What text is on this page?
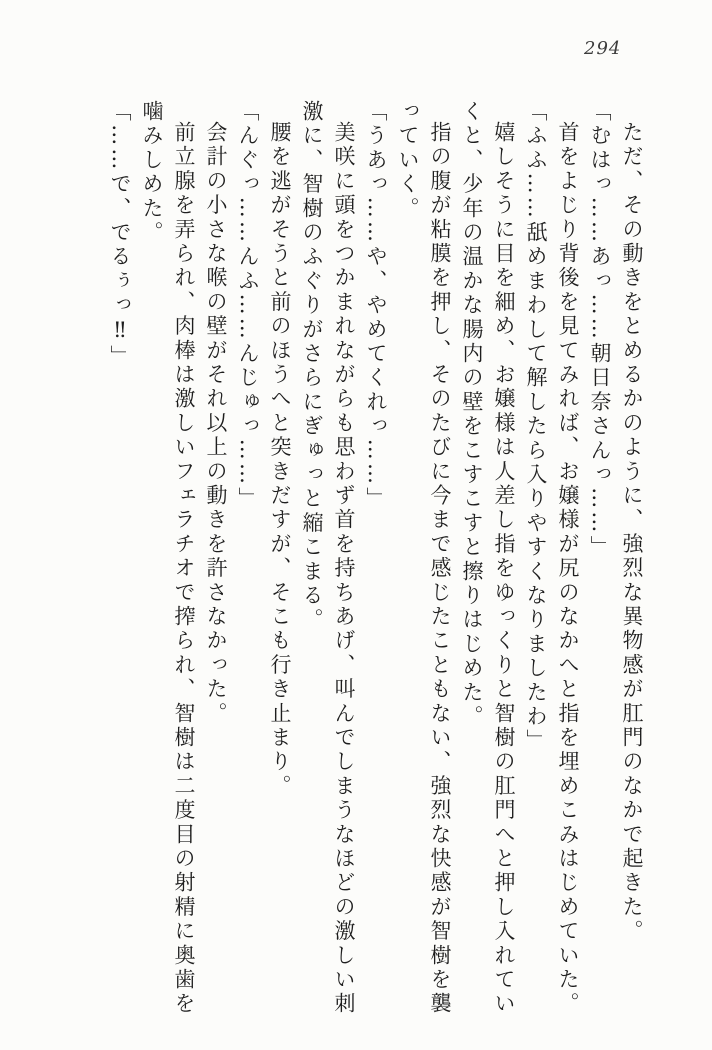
294

ただ、その動きをとめるかのように、強烈な異物感が肛門のなかで起きた。

「むはっ……あっ……朝日奈さんっ……」

首をよじり背後を見てみれば、お嬢様が尻のなかへと指を埋めこみはじめていた。

「ふふ……舐めまわして解したら入りやすくなりましたわ」

嬉しそうに目を細め、お嬢様は人差し指をゆっくりと智樹の肛門へと押し入れてい

くと、少年の温かな腸内の壁をこすこすと擦りはじめた。

指の腹が粘膜を押し、そのたびに今まで感じたこともない、強烈な快感が智樹を襲

っていく。

「うあっ……や、やめてくれっ……」

美咲に頭をつかまれながらも思わず首を持ちあげ、叫んでしまうなほどの激しい刺

激に、智樹のふぐりがさらにぎゅっと縮こまる。

腰を逃がそうと前のほうへと突きだすが、そこも行き止まり。

「んぐっ……んふ……んじゅっ……」

会計の小さな喉の壁がそれ以上の動きを許さなかった。

前立腺を弄られ、肉棒は激しいフェラチオで搾られ、智樹は二度目の射精に奥歯を

噛みしめた。

「……で、でるぅっ‼」
